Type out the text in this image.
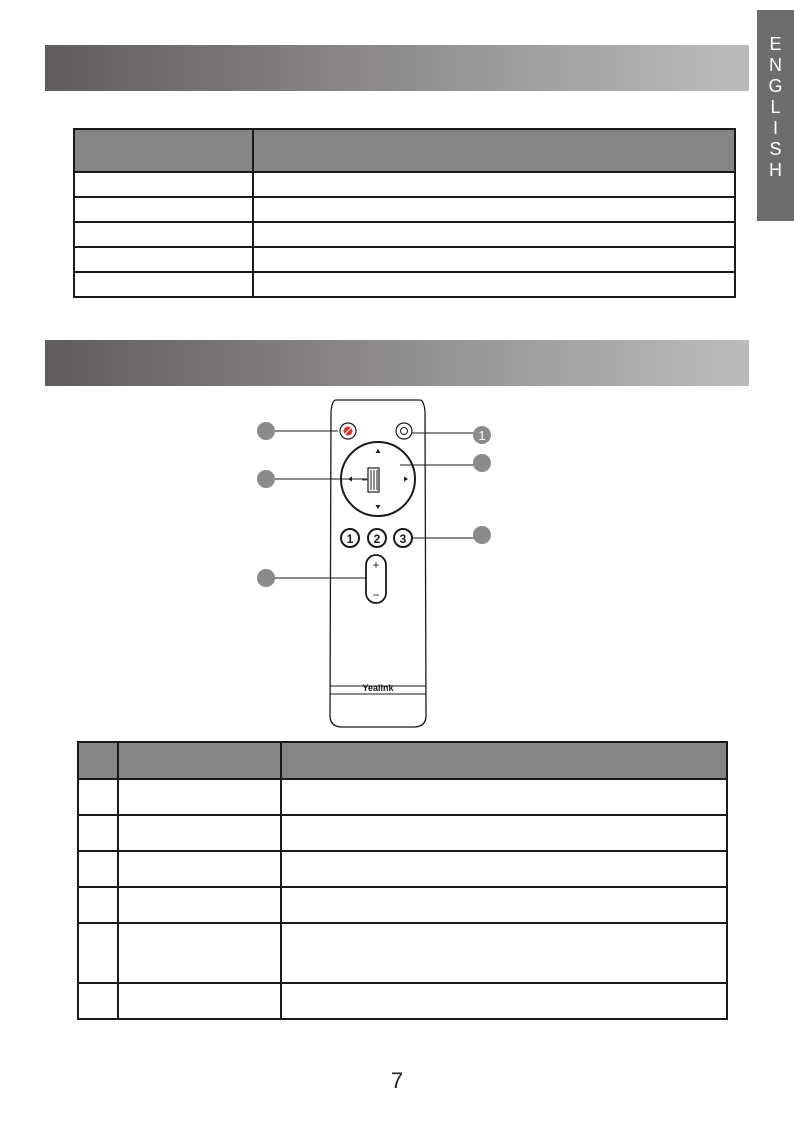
E
N
G
L
I
S
H

1 2 3
+
−
Yealink
1

7
